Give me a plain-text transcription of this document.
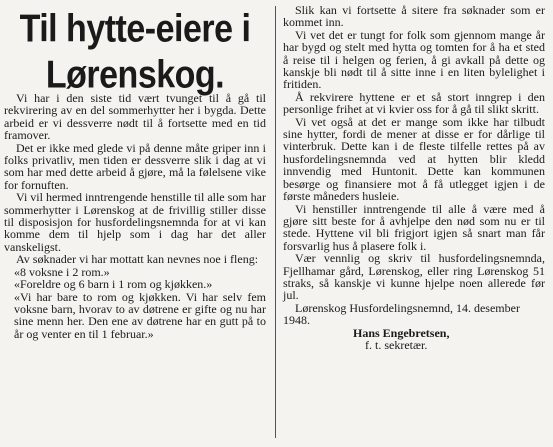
Til hytte-eiere i
Lørenskog.

Vi har i den siste tid vært tvunget til å gå til rekvirering av en del sommerhytter her i bygda. Dette arbeid er vi dessverre nødt til å fortsette med en tid framover.

Det er ikke med glede vi på denne måte griper inn i folks privatliv, men tiden er dessverre slik i dag at vi som har med dette arbeid å gjøre, må la følelsene vike for fornuften.

Vi vil hermed inntrengende henstille til alle som har sommerhytter i Lørenskog at de frivillig stiller disse til disposisjon for husfordelingsnemnda for at vi kan komme dem til hjelp som i dag har det aller vanskeligst.

Av søknader vi har mottatt kan nevnes noe i fleng:

«8 voksne i 2 rom.»
«Foreldre og 6 barn i 1 rom og kjøkken.»
«Vi har bare to rom og kjøkken. Vi har selv fem voksne barn, hvorav to av døtrene er gifte og nu har sine menn her. Den ene av døtrene har en gutt på to år og venter en til 1 februar.»

Slik kan vi fortsette å sitere fra søknader som er kommet inn.

Vi vet det er tungt for folk som gjennom mange år har bygd og stelt med hytta og tomten for å ha et sted å reise til i helgen og ferien, å gi avkall på dette og kanskje bli nødt til å sitte inne i en liten bylelighet i fritiden.

Å rekvirere hyttene er et så stort inngrep i den personlige frihet at vi kvier oss for å gå til slikt skritt.

Vi vet også at det er mange som ikke har tilbudt sine hytter, fordi de mener at disse er for dårlige til vinterbruk. Dette kan i de fleste tilfelle rettes på av husfordelingsnemnda ved at hytten blir kledd innvendig med Huntonit. Dette kan kommunen besørge og finansiere mot å få utlegget igjen i de første måneders husleie.

Vi henstiller inntrengende til alle å være med å gjøre sitt beste for å avhjelpe den nød som nu er til stede. Hyttene vil bli frigjort igjen så snart man får forsvarlig hus å plasere folk i.

Vær vennlig og skriv til husfordelingsnemnda, Fjellhamar gård, Lørenskog, eller ring Lørenskog 51 straks, så kanskje vi kunne hjelpe noen allerede før jul.

Lørenskog Husfordelingsnemnd, 14. desember 1948.

Hans Engebretsen,
f. t. sekretær.
